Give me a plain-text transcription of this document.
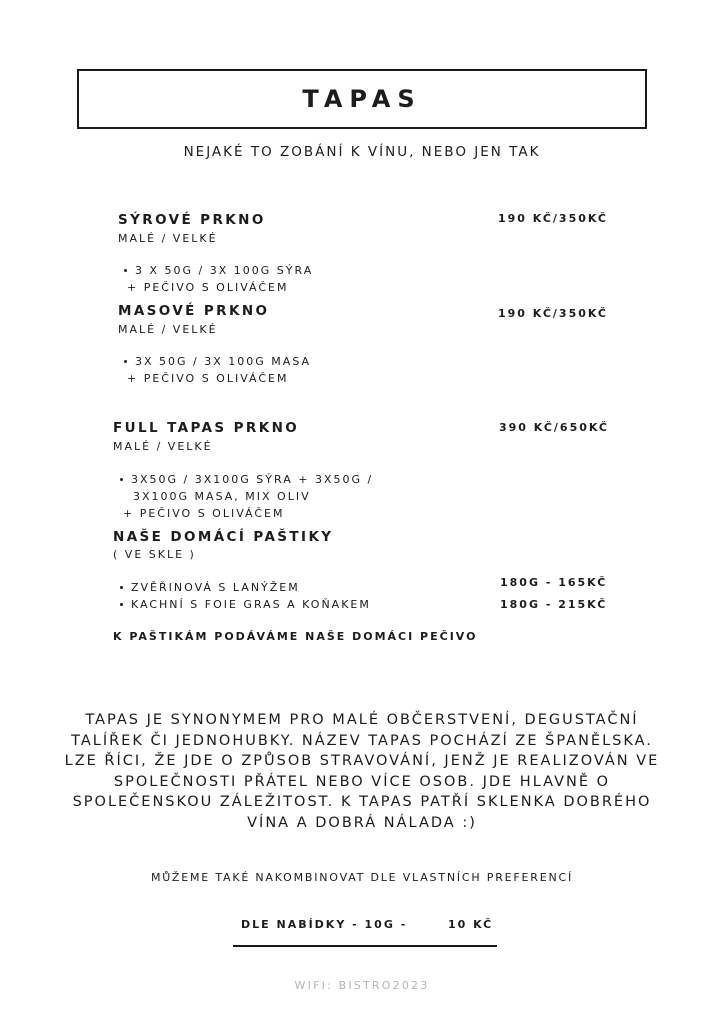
TAPAS
NEJAKÉ TO ZOBÁNÍ K VÍNU, NEBO JEN TAK
SÝROVÉ PRKNO
MALÉ / VELKÉ
190 KČ/350KČ
3 X 50G / 3X 100G SÝRA
+ PEČIVO S OLIVÁČEM
MASOVÉ PRKNO
MALÉ / VELKÉ
190 KČ/350KČ
3X 50G / 3X 100G MASA
+ PEČIVO S OLIVÁČEM
FULL TAPAS PRKNO
MALÉ / VELKÉ
390 KČ/650KČ
3X50G / 3X100G SÝRA + 3X50G /
3X100G MASA, MIX OLIV
+ PEČIVO S OLIVÁČEM
NAŠE DOMÁCÍ PAŠTIKY
( VE SKLE )
ZVĚŘINOVÁ S LANÝŽEM
KACHNÍ S FOIE GRAS A KOŇAKEM
180G - 165KČ
180G - 215KČ
K PAŠTIKÁM PODÁVÁME NAŠE DOMÁCI PEČIVO
TAPAS JE SYNONYMEM PRO MALÉ OBČERSTVENÍ, DEGUSTAČNÍ TALÍŘEK ČI JEDNOHUBKY. NÁZEV TAPAS POCHÁZÍ ZE ŠPANĚLSKA. LZE ŘÍCI, ŽE JDE O ZPŮSOB STRAVOVÁNÍ, JENŽ JE REALIZOVÁN VE SPOLEČNOSTI PŘÁTEL NEBO VÍCE OSOB. JDE HLAVNĚ O SPOLEČENSKOU ZÁLEŽITOST. K TAPAS PATŘÍ SKLENKA DOBRÉHO VÍNA A DOBRÁ NÁLADA :)
MŮŽEME TAKÉ NAKOMBINOVAT DLE VLASTNÍCH PREFERENCÍ
DLE NABÍDKY - 10G -	10 KČ
WIFI: BISTRO2023
